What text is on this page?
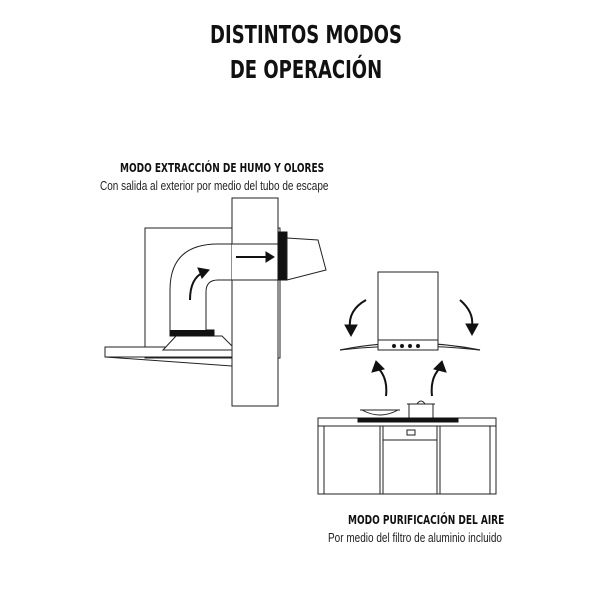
DISTINTOS MODOS
DE OPERACIÓN
MODO EXTRACCIÓN DE HUMO Y OLORES
Con salida al exterior por medio del tubo de escape
MODO PURIFICACIÓN DEL AIRE
Por medio del filtro de aluminio incluido
